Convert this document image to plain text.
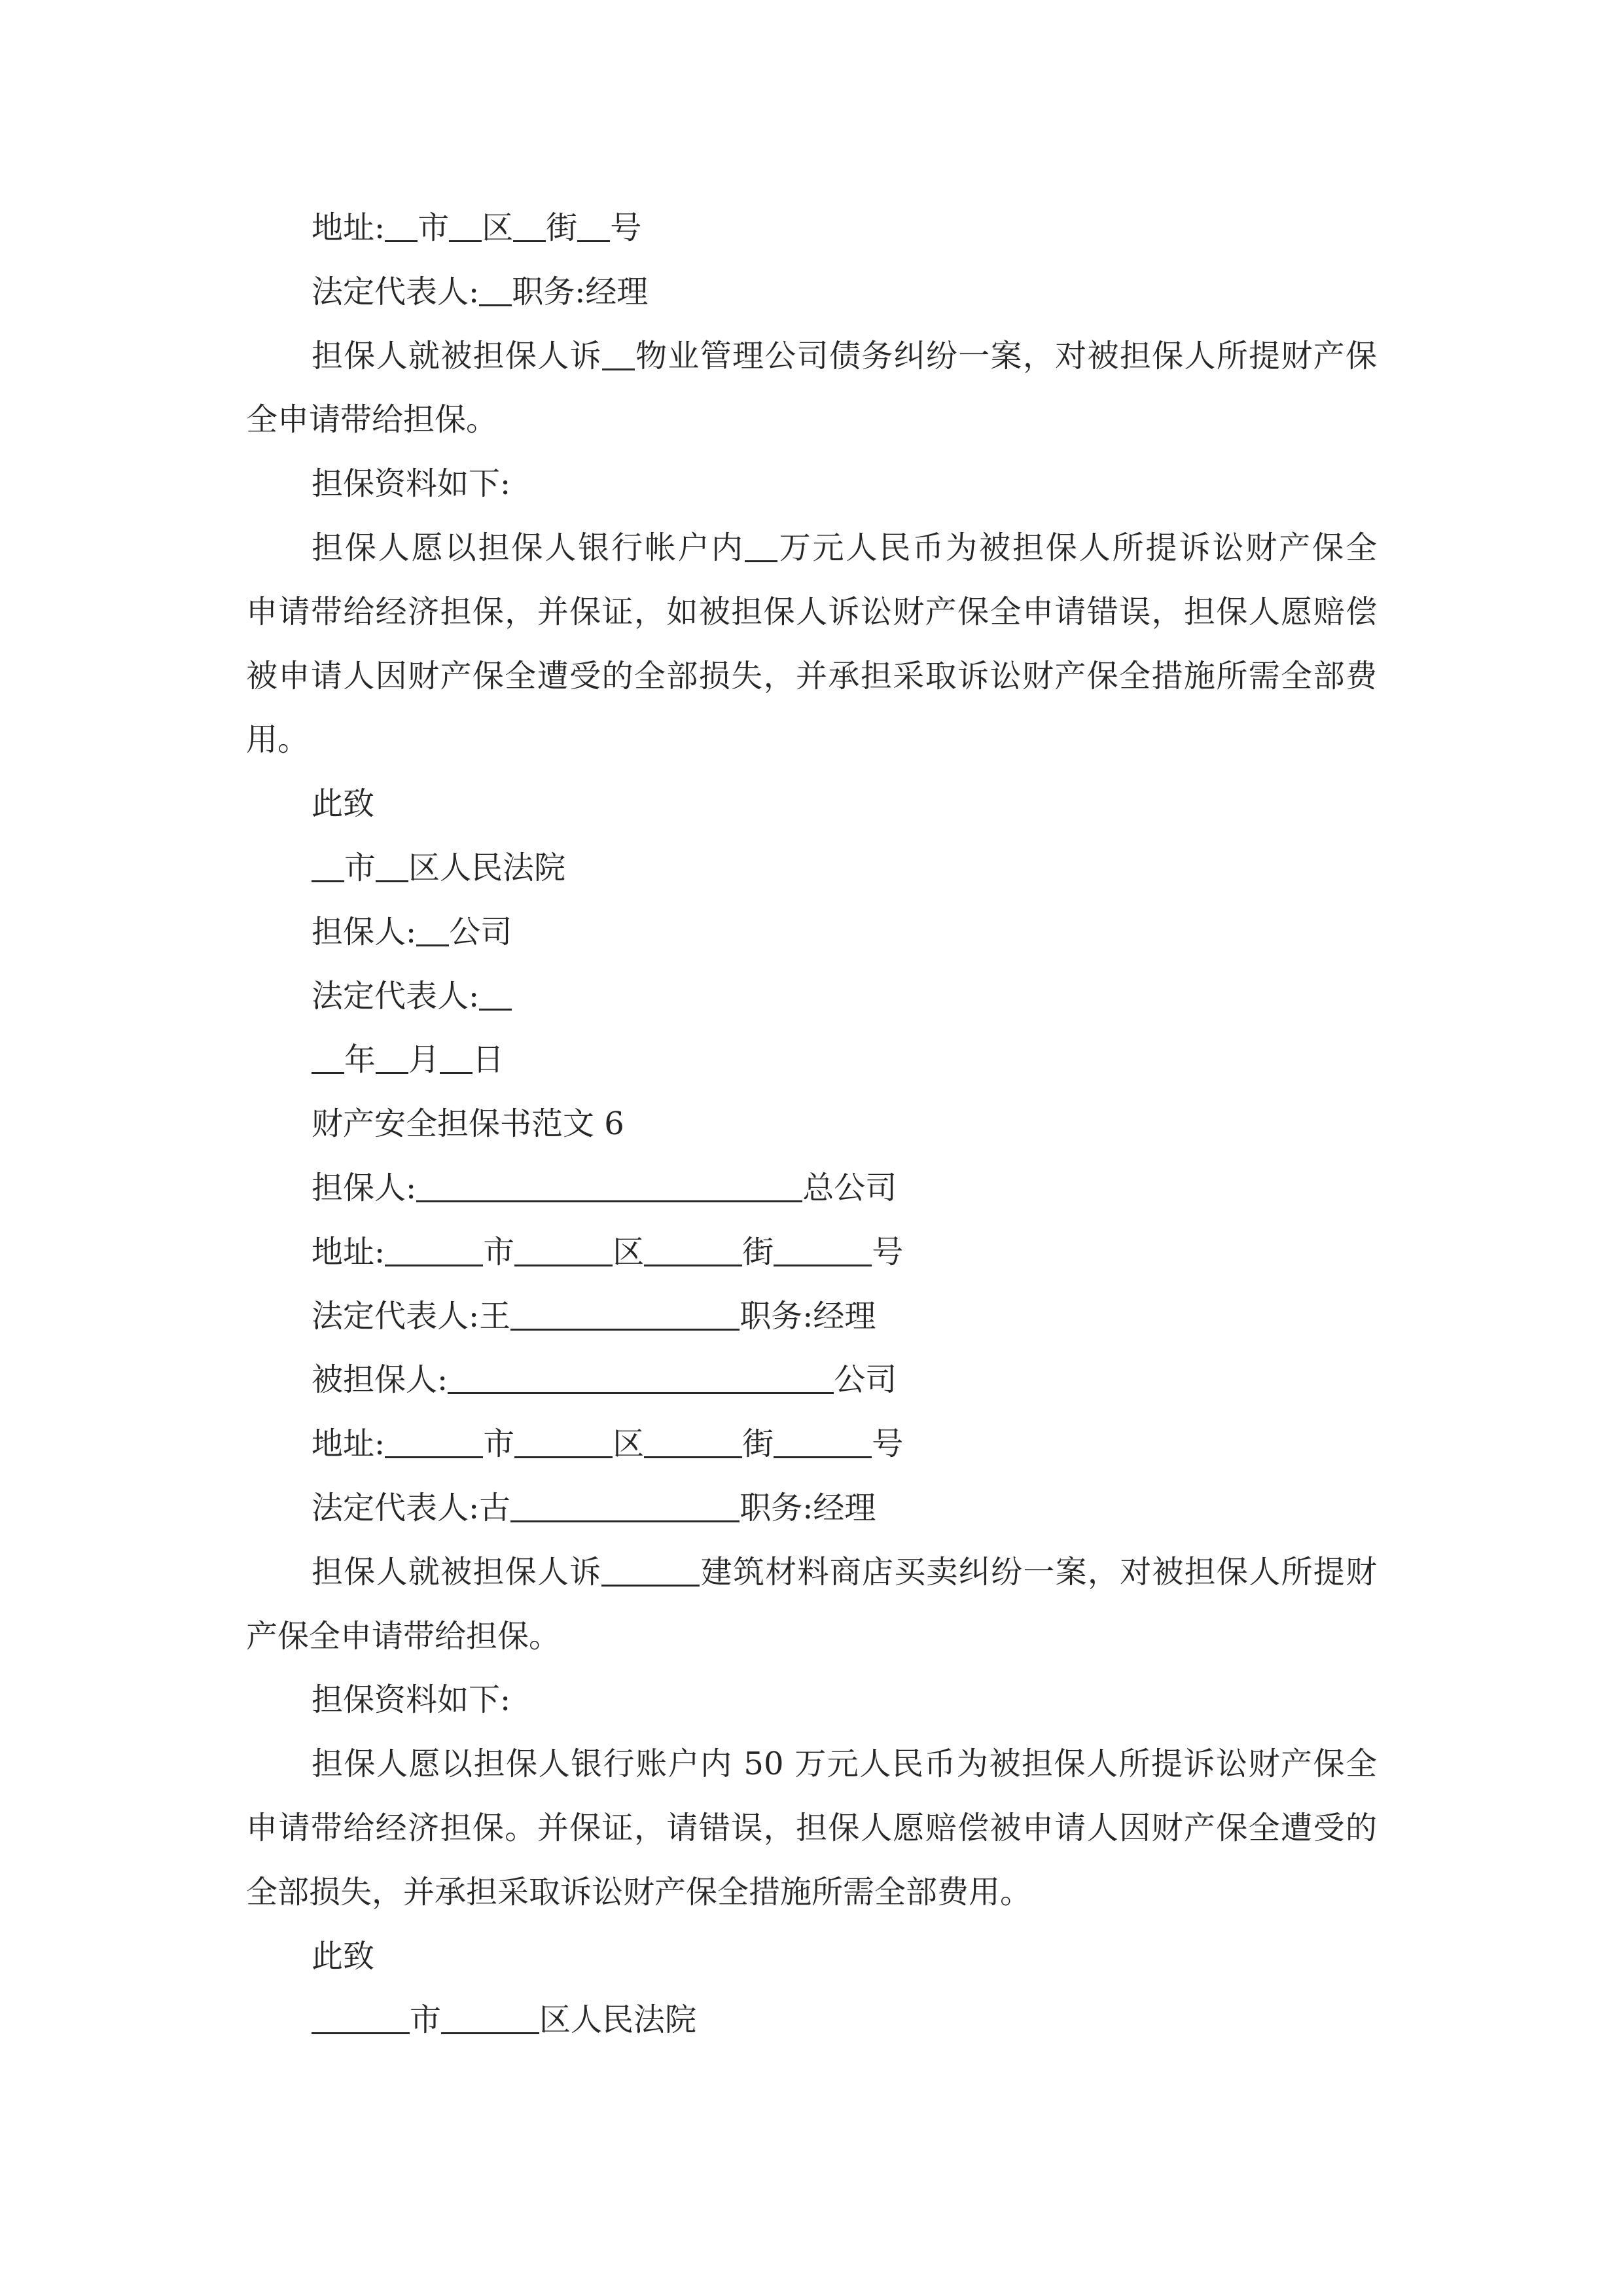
地址: 市 区 街 号
法定代表人: 职务:经理
担保人就被担保人诉 物业管理公司债务纠纷一案，对被担保人所提财产保
全申请带给担保。
担保资料如下:
担保人愿以担保人银行帐户内 万元人民币为被担保人所提诉讼财产保全
申请带给经济担保，并保证，如被担保人诉讼财产保全申请错误，担保人愿赔偿
被申请人因财产保全遭受的全部损失，并承担采取诉讼财产保全措施所需全部费
用。
此致
市 区人民法院
担保人: 公司
法定代表人:
年 月 日
财产安全担保书范文 6
担保人:	总公司
地址:	市	区	街	号
法定代表人:王	职务:经理
被担保人:	公司
地址:	市	区	街	号
法定代表人:古	职务:经理
担保人就被担保人诉	建筑材料商店买卖纠纷一案，对被担保人所提财
产保全申请带给担保。
担保资料如下:
担保人愿以担保人银行账户内 50 万元人民币为被担保人所提诉讼财产保全
申请带给经济担保。并保证，请错误，担保人愿赔偿被申请人因财产保全遭受的
全部损失，并承担采取诉讼财产保全措施所需全部费用。
此致
市	区人民法院
